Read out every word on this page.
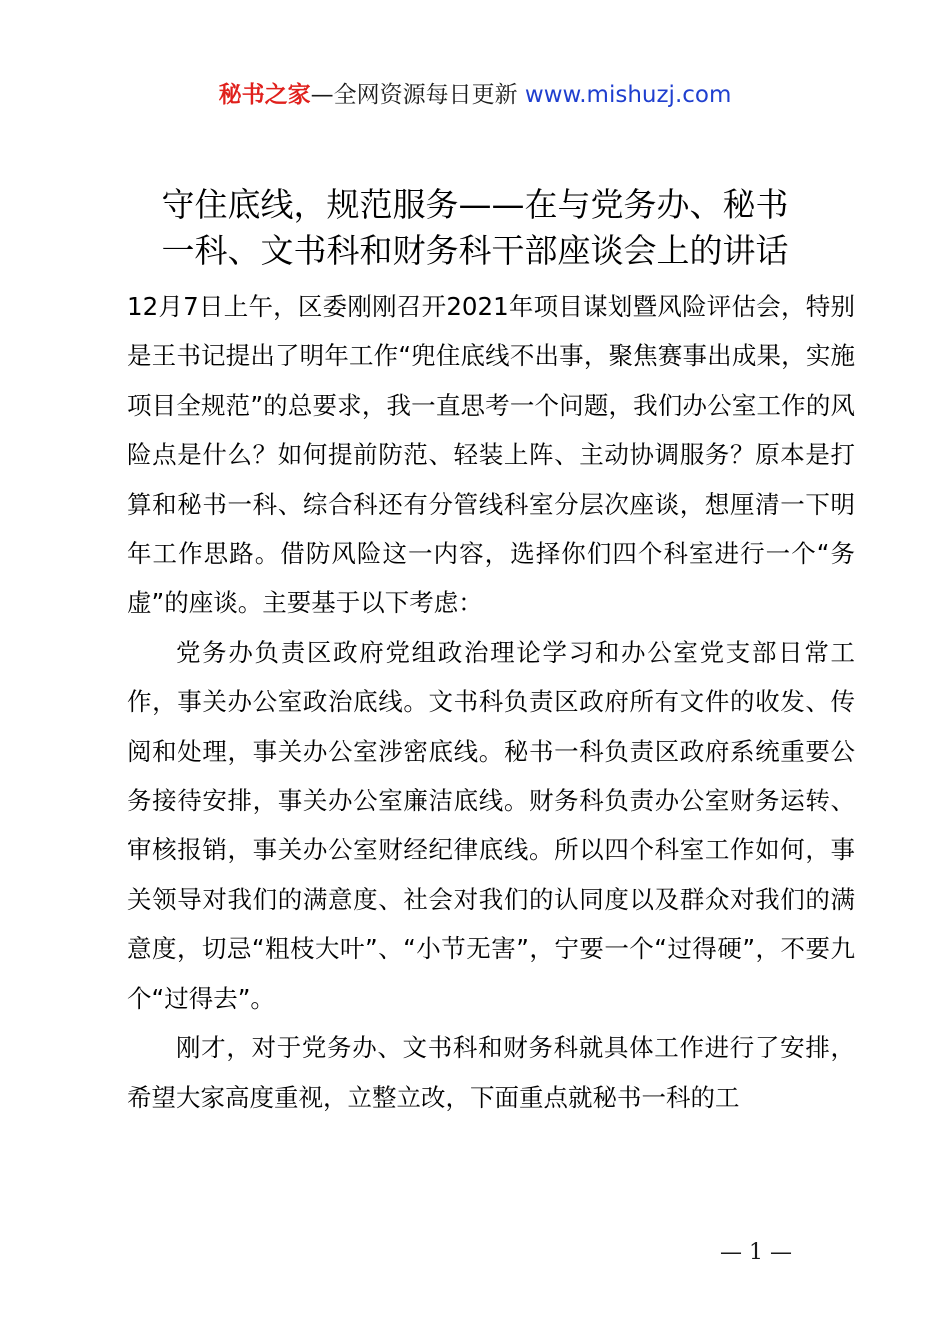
秘书之家—全网资源每日更新 www.mishuzj.com
守住底线，规范服务——在与党务办、秘书
一科、文书科和财务科干部座谈会上的讲话

12月7日上午，区委刚刚召开2021年项目谋划暨风险评估会，特别是王书记提出了明年工作“兜住底线不出事，聚焦赛事出成果，实施项目全规范”的总要求，我一直思考一个问题，我们办公室工作的风险点是什么？如何提前防范、轻装上阵、主动协调服务？原本是打算和秘书一科、综合科还有分管线科室分层次座谈，想厘清一下明年工作思路。借防风险这一内容，选择你们四个科室进行一个“务虚”的座谈。主要基于以下考虑：

党务办负责区政府党组政治理论学习和办公室党支部日常工作，事关办公室政治底线。文书科负责区政府所有文件的收发、传阅和处理，事关办公室涉密底线。秘书一科负责区政府系统重要公务接待安排，事关办公室廉洁底线。财务科负责办公室财务运转、审核报销，事关办公室财经纪律底线。所以四个科室工作如何，事关领导对我们的满意度、社会对我们的认同度以及群众对我们的满意度，切忌“粗枝大叶”、“小节无害”，宁要一个“过得硬”，不要九个“过得去”。

刚才，对于党务办、文书科和财务科就具体工作进行了安排，希望大家高度重视，立整立改，下面重点就秘书一科的工

— 1 —
